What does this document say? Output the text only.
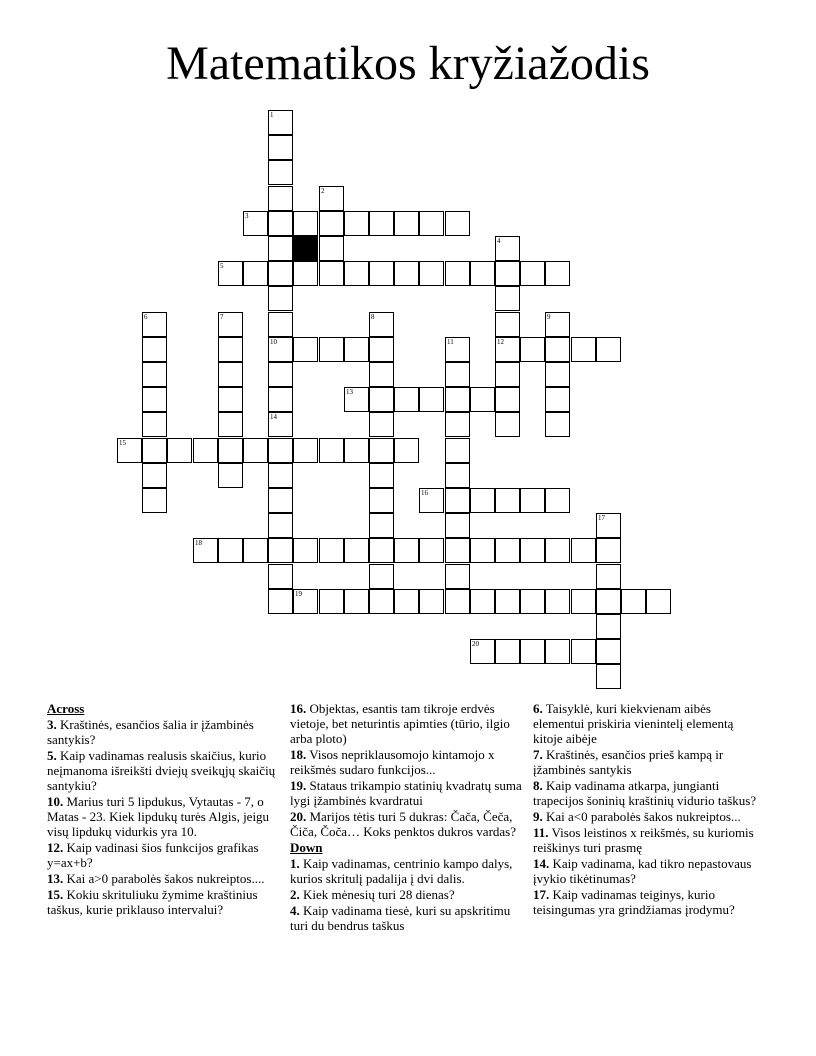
Matematikos kryžiažodis
1
10
14
2
3
4
12
5
6	7	8	9
11
13
15
16
17
18
19
20
Across
3. Kraštinės, esančios šalia ir įžambinės santykis?
5. Kaip vadinamas realusis skaičius, kurio neįmanoma išreikšti dviejų sveikųjų skaičių santykiu?
10. Marius turi 5 lipdukus, Vytautas - 7, o Matas - 23. Kiek lipdukų turės Algis, jeigu visų lipdukų vidurkis yra 10.
12. Kaip vadinasi šios funkcijos grafikas y=ax+b?
13. Kai a>0 parabolės šakos nukreiptos....
15. Kokiu skrituliuku žymime kraštinius taškus, kurie priklauso intervalui?
16. Objektas, esantis tam tikroje erdvės vietoje, bet neturintis apimties (tūrio, ilgio arba ploto)
18. Visos nepriklausomojo kintamojo x reikšmės sudaro funkcijos...
19. Stataus trikampio statinių kvadratų suma lygi įžambinės kvardratui
20. Marijos tėtis turi 5 dukras: Čača, Čeča, Čiča, Čoča… Koks penktos dukros vardas?
Down
1. Kaip vadinamas, centrinio kampo dalys, kurios skritulį padalija į dvi dalis.
2. Kiek mėnesių turi 28 dienas?
4. Kaip vadinama tiesė, kuri su apskritimu turi du bendrus taškus
6. Taisyklė, kuri kiekvienam aibės elementui priskiria vienintelį elementą kitoje aibėje
7. Kraštinės, esančios prieš kampą ir įžambinės santykis
8. Kaip vadinama atkarpa, jungianti trapecijos šoninių kraštinių vidurio taškus?
9. Kai a<0 parabolės šakos nukreiptos...
11. Visos leistinos x reikšmės, su kuriomis reiškinys turi prasmę
14. Kaip vadinama, kad tikro nepastovaus įvykio tikėtinumas?
17. Kaip vadinamas teiginys, kurio teisingumas yra grindžiamas įrodymu?
